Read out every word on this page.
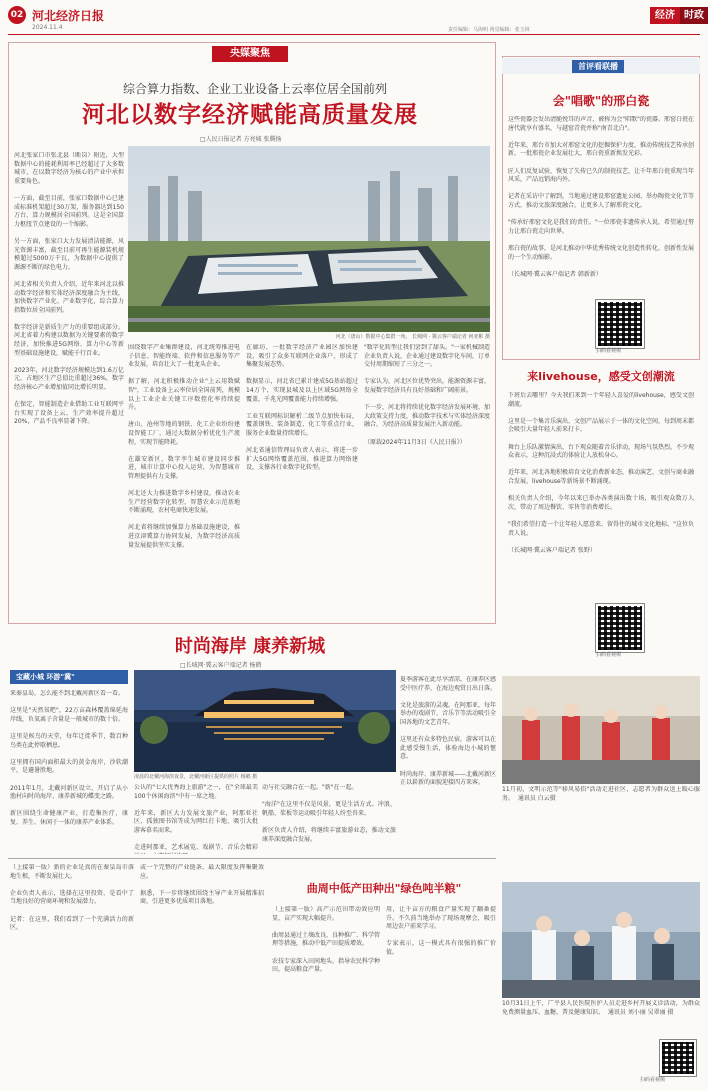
02 河北经济日报
2024.11.4	责任编辑：马海明 视觉编辑：张玉林
经济 时政
央媒聚焦
综合算力指数、企业工业设备上云率位居全国前列
河北以数字经济赋能高质量发展
□人民日报记者 方亮城 张腾扬
河北张家口市张北县（断岗）附近，大型数据中心的能耗利用率已经超过了大多数城市，在以数字经济为核心的产业中承担重要角色。

一方面，截至目前，张家口数据中心已建成标准机架超过30万架，服务器达到150万台，算力规模居全国前列。这是全国算力枢纽节点建设的一个缩影。

另一方面，张家口大力发展清洁能源，风光资源丰富，截至目前可再生能源装机规模超过5000万千瓦，为数据中心提供了源源不断的绿色电力。

河北省相关负责人介绍，近年来河北以推动数字经济和实体经济深度融合为主线，加快数字产业化、产业数字化，综合算力指数位居全国前列。

数字经济是新质生产力的重要组成部分。河北省着力构建以数据为关键要素的数字经济，加快推进5G网络、算力中心等新型基础设施建设，赋能千行百业。

2023年，河北数字经济规模达到1.6万亿元，占地区生产总值比重超过36%，数字经济核心产业增加值同比增长明显。

在保定，智能制造企业借助工业互联网平台实现了设备上云，生产效率提升超过20%，产品不良率显著下降。
河北（唐山）数据中心集群一角。 长城网 · 冀云客户端记者 何亚彬 摄
围绕数字产业集群建设，河北统筹推进电子信息、智能终端、软件和信息服务等产业发展，培育壮大了一批龙头企业。

据了解，河北积极推动企业"上云用数赋智"，工业设备上云率位居全国前列，规模以上工业企业关键工序数控化率持续提升。

唐山、沧州等地的钢铁、化工企业纷纷建设智能工厂，通过大数据分析优化生产流程，实现节能降耗。

在雄安新区，数字孪生城市建设同步推进，城市计算中心投入运营，为智慧城市管理提供有力支撑。

河北还大力推进数字乡村建设，推动农业生产经营数字化转型，智慧农业示范基地不断涌现，农村电商快速发展。

河北省将继续加强算力基础设施建设，推进京津冀算力协同发展，为数字经济高质量发展提供坚实支撑。
在廊坊，一批数字经济产业园区加快建设，吸引了众多互联网企业落户，形成了集聚发展态势。

数据显示，河北省已累计建成5G基站超过14万个，实现县城及以上区域5G网络全覆盖，千兆光网覆盖能力持续增强。

工业互联网标识解析二级节点加快布局，覆盖钢铁、装备制造、化工等重点行业，服务企业数量持续增长。

河北省通信管理局负责人表示，将进一步扩大5G网络覆盖范围，推进算力网络建设，支撑各行业数字化转型。
"数字化转型让我们尝到了甜头。"一家机械制造企业负责人说，企业通过建设数字化车间，订单交付周期缩短了三分之一。

专家认为，河北区位优势突出，能源资源丰富，发展数字经济具有良好基础和广阔前景。

下一步，河北将持续优化数字经济发展环境，加大政策支持力度，推动数字技术与实体经济深度融合，为经济高质量发展注入新动能。

（原载2024年11月3日《人民日报》）
首评看联播
会"唱歌"的邢白瓷
这些瓷器会发出清脆悦耳的声音，被称为会"唱歌"的瓷器。邢窑白瓷在唐代就享有盛名，与越窑青瓷并称"南青北白"。

近年来，邢台市加大对邢窑文化的挖掘保护力度，推动传统技艺传承创新，一批邢瓷企业发展壮大，邢白瓷重新焕发光彩。

匠人们反复试验，恢复了失传已久的制瓷技艺，让千年邢白瓷重现当年风采，产品远销海内外。

记者在采访中了解到，当地通过建设邢窑遗址公园、举办陶瓷文化节等方式，推动文旅深度融合，让更多人了解邢瓷文化。

"传承好邢窑文化是我们的责任。"一位邢瓷非遗传承人说，希望通过努力让邢白瓷走向世界。

邢白瓷的故事，是河北推动中华优秀传统文化创造性转化、创新性发展的一个生动缩影。

（长城网·冀云客户端记者 韩新新）
扫码看视频
来livehouse，感受文创潮流
下班后去哪里？今天我们来到一个年轻人喜爱的livehouse，感受文创潮流。

这里是一个集音乐演出、文创产品展示于一体的文化空间，每到周末都会吸引大量年轻人前来打卡。

舞台上乐队激情演出，台下观众随着音乐律动，现场气氛热烈。不少观众表示，这种沉浸式的体验让人放松身心。

近年来，河北各地积极培育文化消费新业态，推动演艺、文创与商业融合发展，livehouse等新场景不断涌现。

相关负责人介绍，今年以来已举办各类演出数十场，吸引观众数万人次，带动了周边餐饮、零售等消费增长。

"我们希望打造一个让年轻人愿意来、留得住的城市文化地标。"这位负责人说。

（长城网·冀云客户端记者 张野）
扫码看视频
时尚海岸 康养新城
□长城网·冀云客户端记者 杨鹤
宝藏小城 环游"冀"
来秦皇岛，怎么能不到北戴河新区看一看。

这里是"天然氧吧"，22万亩森林覆盖绵延海岸线，负氧离子含量是一般城市的数十倍。

这里是候鸟的天堂，每年迁徙季节，数百种鸟类在此停歇栖息。

这里拥有国内面积最大的黄金海岸，沙软潮平，是避暑胜地。

2011年1月，北戴河新区设立，开启了从小渔村向时尚海岸、康养新城的蝶变之路。

新区围绕生命健康产业，打造集医疗、康复、养生、休闲于一体的康养产业体系。
凌晨的北戴河海滨夜景，北戴河新区提供的照片 杨鹤 摄
公认的"七大优秀海上旅游"之一，在"全球最美100个休闲海滨"中有一席之地。

近年来，新区大力发展文旅产业，阿那亚社区、孤独图书馆等成为网红打卡地，吸引大批游客慕名而来。

走进阿那亚，艺术展览、戏剧节、音乐会精彩

动与社交融合在一起。"新"在一起。

"海洋"在这里不仅是风景，更是生活方式。冲浪、帆船、桨板等运动吸引年轻人纷至沓来。

新区负责人介绍，将继续丰富旅游业态，推动文旅康养深度融合发展。
夏季游客在此尽享清凉，在康养区感受中医疗养，在海边观赏日出日落。

文化是旅游的灵魂。在阿那亚，每年举办的戏剧节、音乐节等活动吸引全国各地的文艺青年。

这里还有众多特色民宿，游客可以在此感受慢生活，体验海边小城的惬意。

时尚海岸、康养新城——北戴河新区正以崭新的面貌迎接四方来客。
11月初，文明示范等"移风易俗"活动走进社区，志愿者为群众送上暖心服务。  通讯员 白云摄
10月31日上午，广平县人民医院医护人员走进乡村开展义诊活动，为群众免费测量血压、血糖，普及健康知识。  通讯员 刘小丽 吴翠丽 摄
（上接第一版）新的企业是真的在秦皇岛市落地生根，不断发展壮大。

企业负责人表示，选择在这里投资，是看中了当地良好的营商环境和发展潜力。

记者：在这里，我们看到了一个充满活力的新区。
或一个完整的产业链条，最大限度发挥集聚效应。

据悉，下一步将继续围绕主导产业开展精准招商，引进更多优质项目落地。
曲周中低产田种出"绿色吨半粮"
（上接第一版）高产示范田带动效应明显，亩产实现大幅提升。

曲周县通过土壤改良、良种推广、科学管理等措施，推动中低产田提质增效。

农技专家深入田间地头，指导农民科学种田，提高粮食产量。
用，让千亩方的粮食产量实现了翻番提升。不久前当地举办了现场观摩会，吸引周边农户前来学习。

专家表示，这一模式具有很强的推广价值。
扫码看视频
